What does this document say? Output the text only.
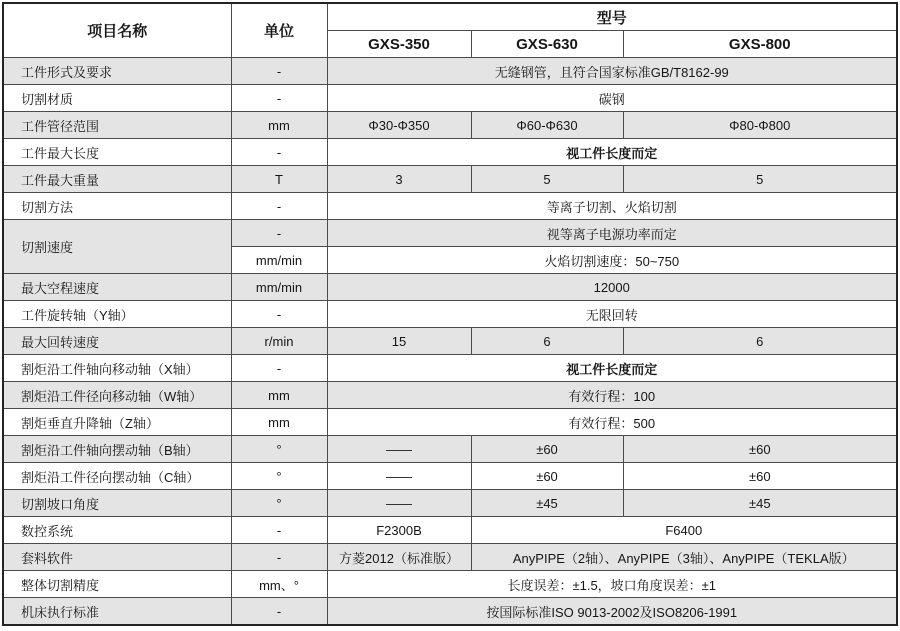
项目名称	单位	型号		
		GXS-350	GXS-630	GXS-800
工件形式及要求	-	无缝钢管，且符合国家标准GB/T8162-99		
切割材质	-	碳钢		
工件管径范围	mm	Φ30-Φ350	Φ60-Φ630	Φ80-Φ800
工件最大长度	-	视工件长度而定		
工件最大重量	T	3	5	5
切割方法	-	等离子切割、火焰切割		
切割速度	-	视等离子电源功率而定		
	mm/min	火焰切割速度：50~750		
最大空程速度	mm/min	12000		
工件旋转轴（Y轴）	-	无限回转		
最大回转速度	r/min	15	6	6
割炬沿工件轴向移动轴（X轴）	-	视工件长度而定		
割炬沿工件径向移动轴（W轴）	mm	有效行程：100		
割炬垂直升降轴（Z轴）	mm	有效行程：500		
割炬沿工件轴向摆动轴（B轴）	°	——	±60	±60
割炬沿工件径向摆动轴（C轴）	°	——	±60	±60
切割坡口角度	°	——	±45	±45
数控系统	-	F2300B	F6400	
套料软件	-	方菱2012（标准版）	AnyPIPE（2轴）、AnyPIPE（3轴）、AnyPIPE（TEKLA版）	
整体切割精度	mm、°	长度误差：±1.5，坡口角度误差：±1		
机床执行标准	-	按国际标准ISO 9013-2002及ISO8206-1991		
